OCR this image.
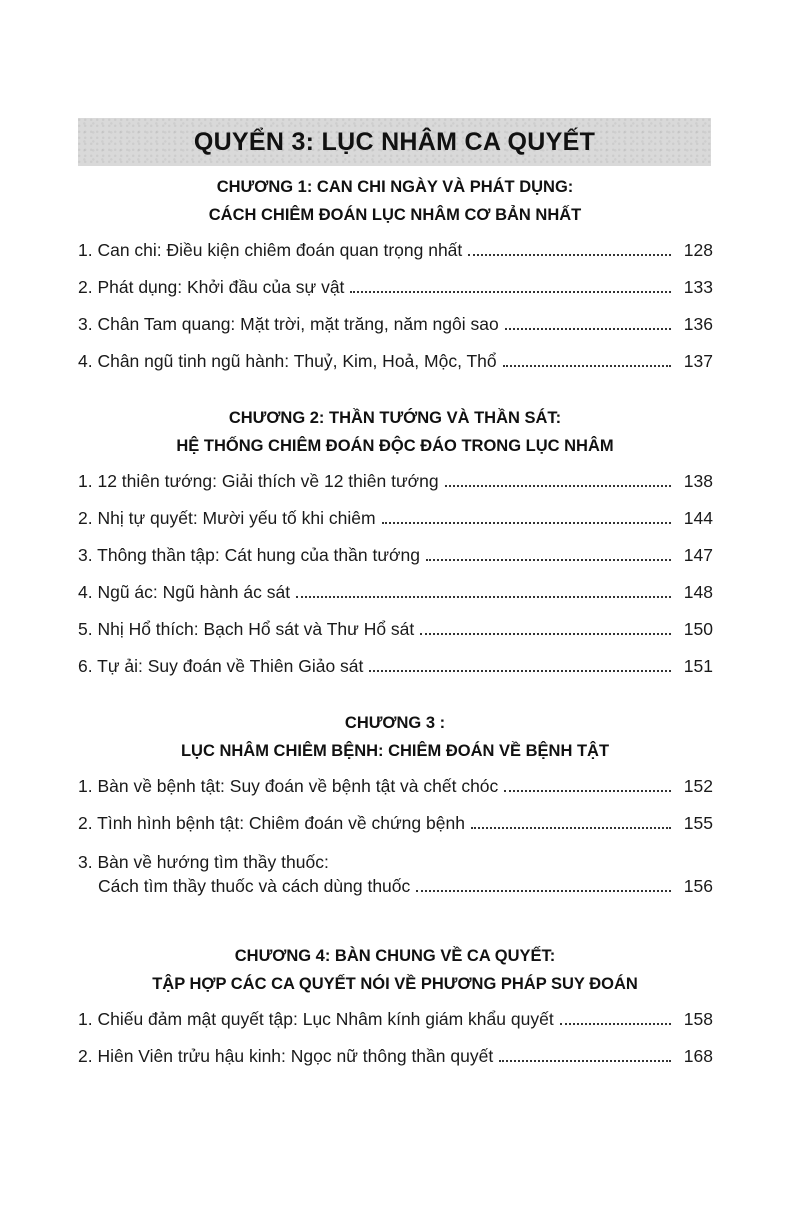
QUYỂN 3: LỤC NHÂM CA QUYẾT
CHƯƠNG 1: CAN CHI NGÀY VÀ PHÁT DỤNG:
CÁCH CHIÊM ĐOÁN LỤC NHÂM CƠ BẢN NHẤT
1. Can chi: Điều kiện chiêm đoán quan trọng nhất	128
2. Phát dụng: Khởi đầu của sự vật	133
3. Chân Tam quang: Mặt trời, mặt trăng, năm ngôi sao	136
4. Chân ngũ tinh ngũ hành: Thuỷ, Kim, Hoả, Mộc, Thổ	137
CHƯƠNG 2: THẦN TƯỚNG VÀ THẦN SÁT:
HỆ THỐNG CHIÊM ĐOÁN ĐỘC ĐÁO TRONG LỤC NHÂM
1. 12 thiên tướng: Giải thích về 12 thiên tướng	138
2. Nhị tự quyết: Mười yếu tố khi chiêm	144
3. Thông thần tập: Cát hung của thần tướng	147
4. Ngũ ác: Ngũ hành ác sát	148
5. Nhị Hổ thích: Bạch Hổ sát và Thư Hổ sát	150
6. Tự ải: Suy đoán về Thiên Giảo sát	151
CHƯƠNG 3 :
LỤC NHÂM CHIÊM BỆNH: CHIÊM ĐOÁN VỀ BỆNH TẬT
1. Bàn về bệnh tật: Suy đoán về bệnh tật và chết chóc	152
2. Tình hình bệnh tật: Chiêm đoán về chứng bệnh	155
3. Bàn về hướng tìm thầy thuốc:
Cách tìm thầy thuốc và cách dùng thuốc	156
CHƯƠNG 4: BÀN CHUNG VỀ CA QUYẾT:
TẬP HỢP CÁC CA QUYẾT NÓI VỀ PHƯƠNG PHÁP SUY ĐOÁN
1. Chiếu đảm mật quyết tập: Lục Nhâm kính giám khẩu quyết	158
2. Hiên Viên trửu hậu kinh: Ngọc nữ thông thần quyết	168
